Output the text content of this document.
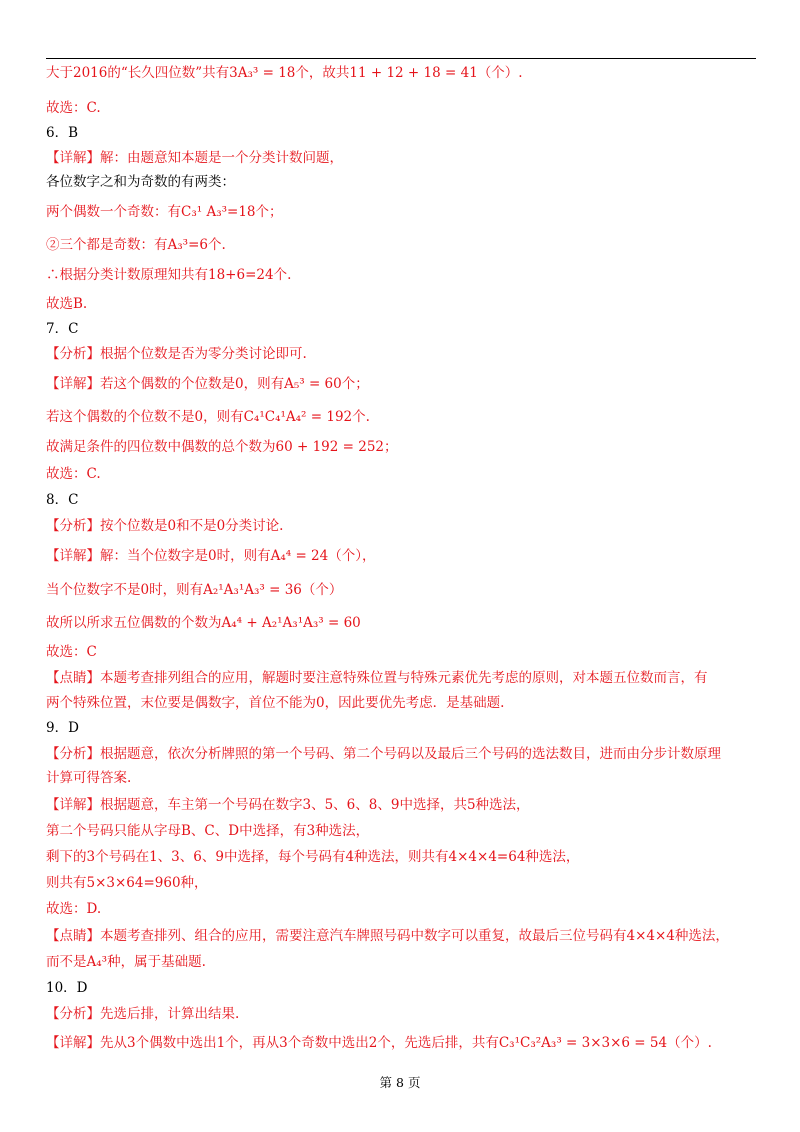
大于2016的“长久四位数”共有3A₃³ = 18个，故共11 + 12 + 18 = 41（个）.
故选：C.
6．B
【详解】解：由题意知本题是一个分类计数问题，
各位数字之和为奇数的有两类：
两个偶数一个奇数：有C₃¹ A₃³=18个；
②三个都是奇数：有A₃³=6个.
∴根据分类计数原理知共有18+6=24个.
故选B.
7．C
【分析】根据个位数是否为零分类讨论即可.
【详解】若这个偶数的个位数是0，则有A₅³ = 60个；
若这个偶数的个位数不是0，则有C₄¹C₄¹A₄² = 192个.
故满足条件的四位数中偶数的总个数为60 + 192 = 252；
故选：C.
8．C
【分析】按个位数是0和不是0分类讨论.
【详解】解：当个位数字是0时，则有A₄⁴ = 24（个），
当个位数字不是0时，则有A₂¹A₃¹A₃³ = 36（个）
故所以所求五位偶数的个数为A₄⁴ + A₂¹A₃¹A₃³ = 60
故选：C
【点睛】本题考查排列组合的应用，解题时要注意特殊位置与特殊元素优先考虑的原则，对本题五位数而言，有
两个特殊位置，末位要是偶数字，首位不能为0，因此要优先考虑．是基础题.
9．D
【分析】根据题意，依次分析牌照的第一个号码、第二个号码以及最后三个号码的选法数目，进而由分步计数原理
计算可得答案.
【详解】根据题意，车主第一个号码在数字3、5、6、8、9中选择，共5种选法，
第二个号码只能从字母B、C、D中选择，有3种选法，
剩下的3个号码在1、3、6、9中选择，每个号码有4种选法，则共有4×4×4=64种选法，
则共有5×3×64=960种，
故选：D.
【点睛】本题考查排列、组合的应用，需要注意汽车牌照号码中数字可以重复，故最后三位号码有4×4×4种选法，
而不是A₄³种，属于基础题.
10．D
【分析】先选后排，计算出结果.
【详解】先从3个偶数中选出1个，再从3个奇数中选出2个，先选后排，共有C₃¹C₃²A₃³ = 3×3×6 = 54（个）.
第 8 页
